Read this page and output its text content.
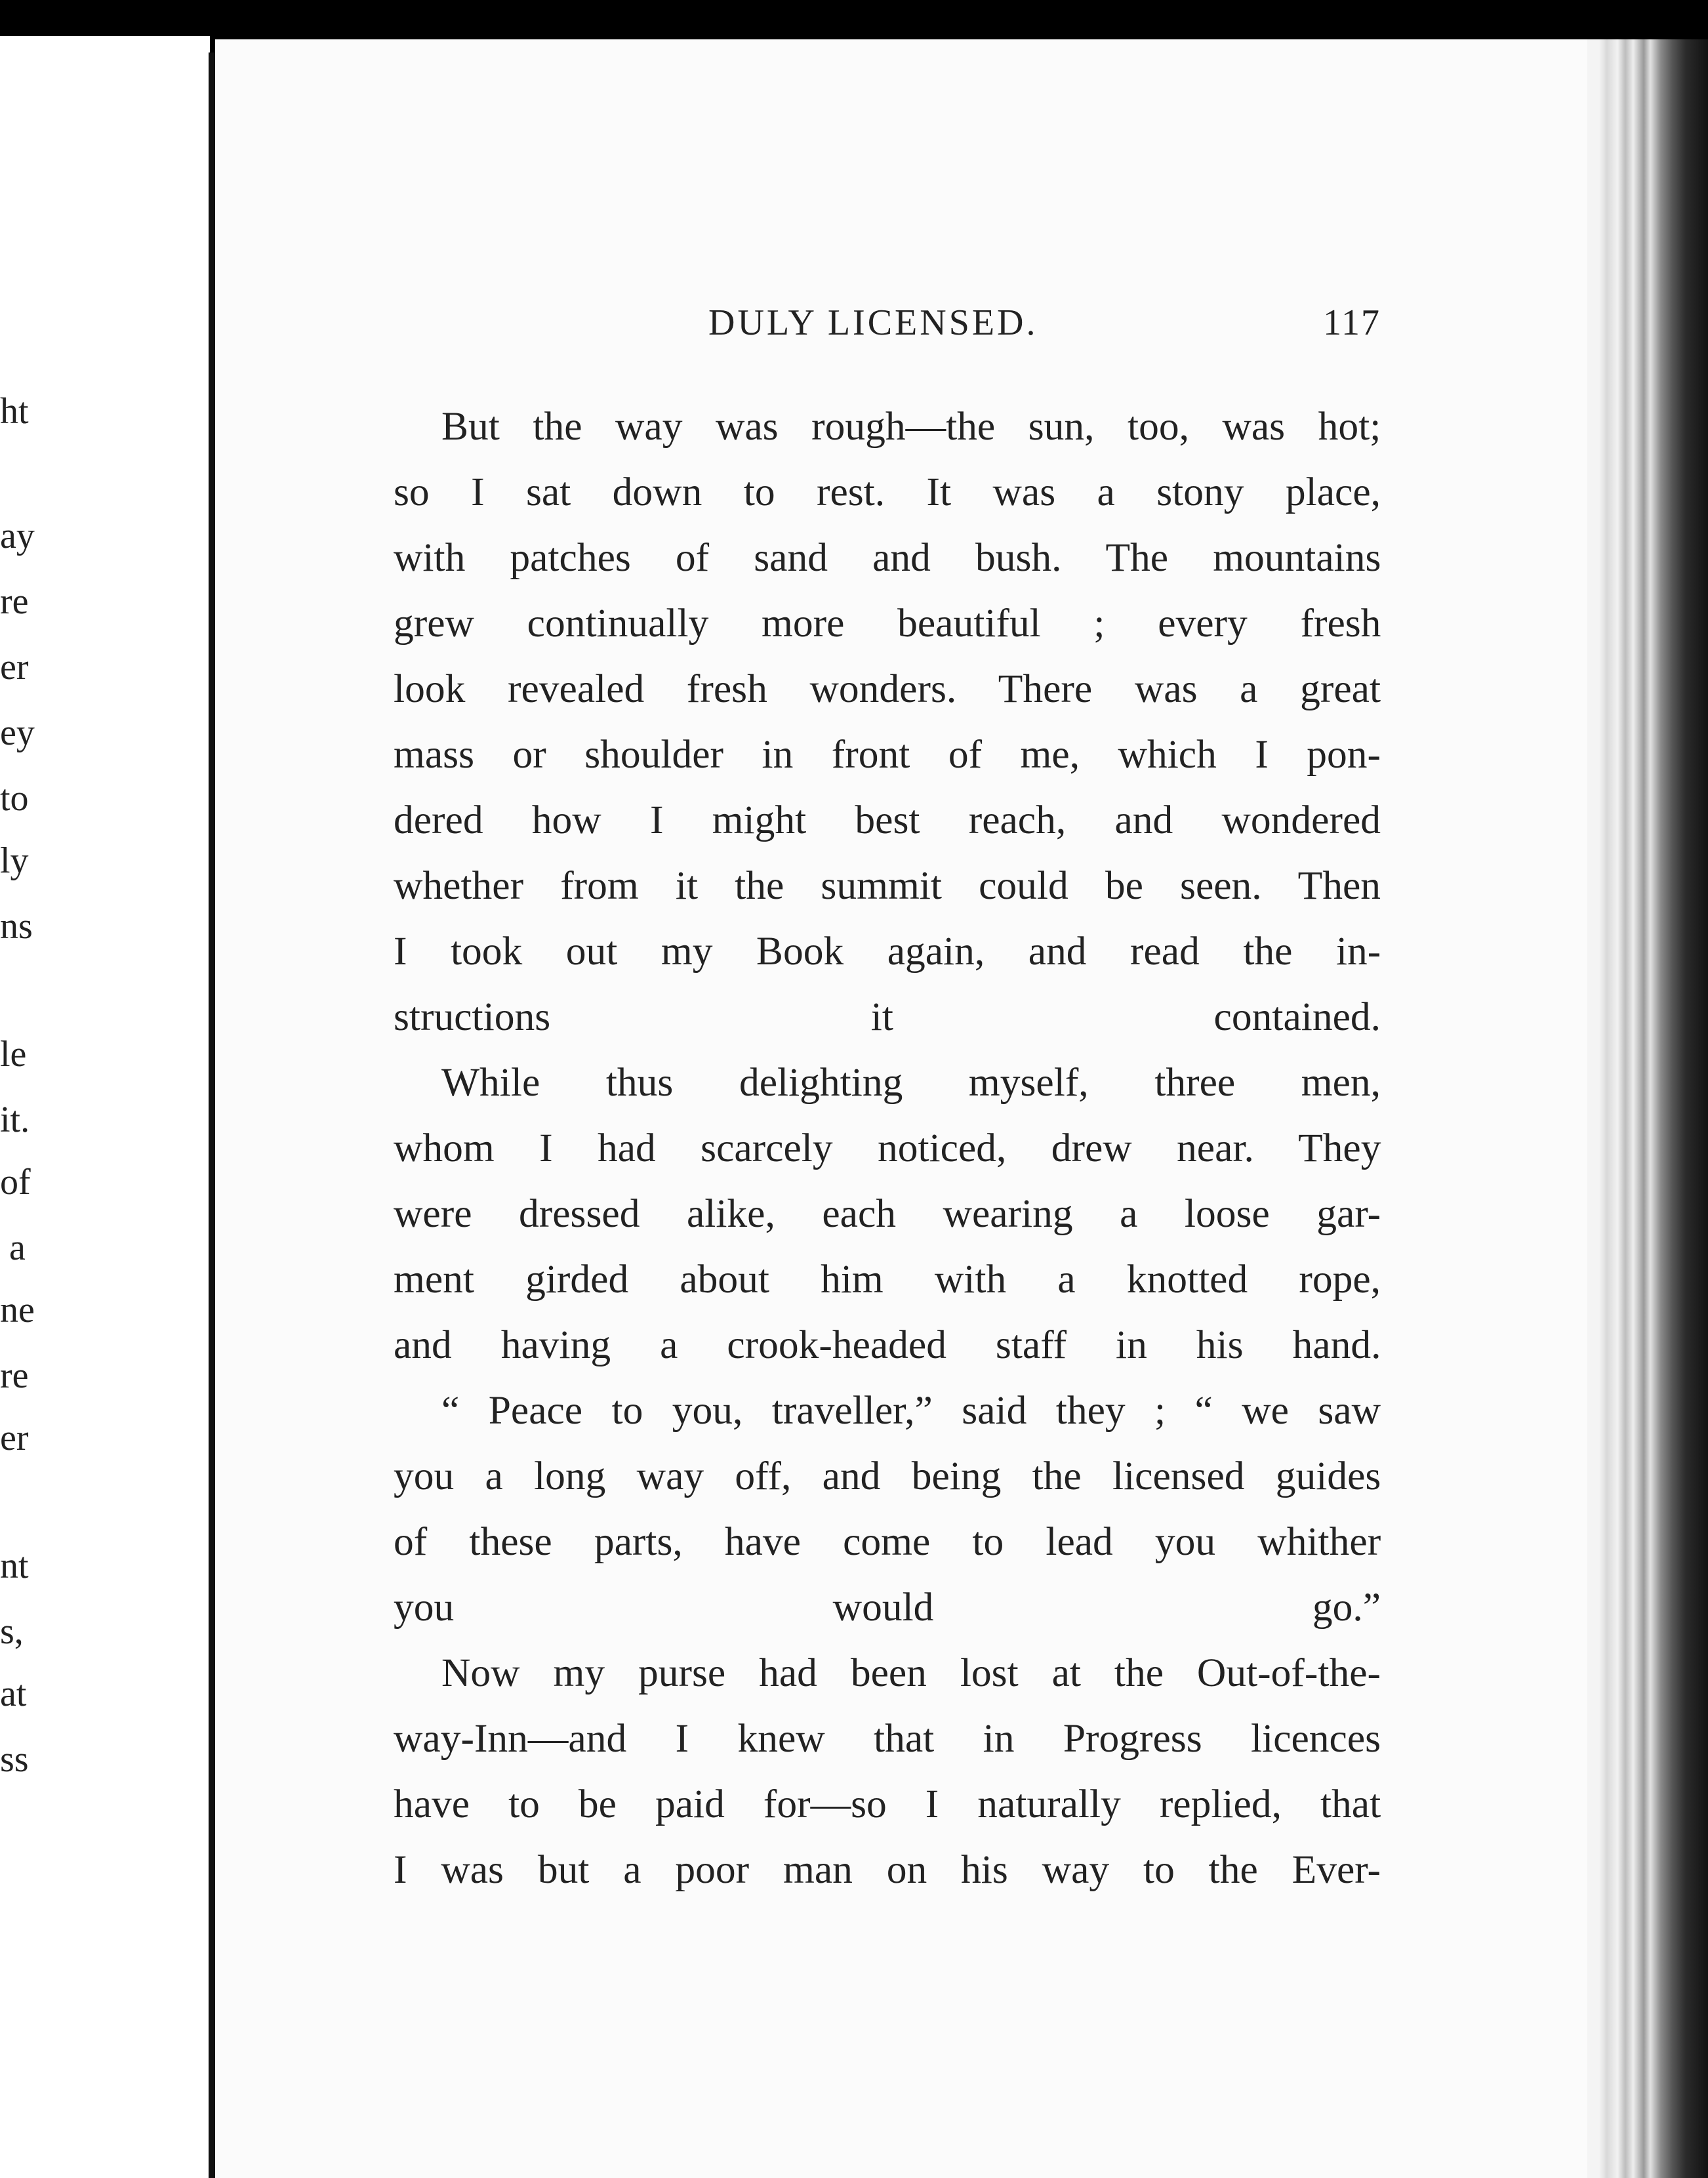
ht
ay
re
er
ey
to
ly
ns
le
it.
of
a
ne
re
er
nt
s,
at
ss
DULY LICENSED.	117

But the way was rough—the sun, too, was hot;
so I sat down to rest. It was a stony place,
with patches of sand and bush. The mountains
grew continually more beautiful ; every fresh
look revealed fresh wonders. There was a great
mass or shoulder in front of me, which I pon-
dered how I might best reach, and wondered
whether from it the summit could be seen. Then
I took out my Book again, and read the in-
structions it contained.

While thus delighting myself, three men,
whom I had scarcely noticed, drew near. They
were dressed alike, each wearing a loose gar-
ment girded about him with a knotted rope,
and having a crook-headed staff in his hand.

“ Peace to you, traveller,” said they ; “ we saw
you a long way off, and being the licensed guides
of these parts, have come to lead you whither
you would go.”

Now my purse had been lost at the Out-of-the-
way-Inn—and I knew that in Progress licences
have to be paid for—so I naturally replied, that
I was but a poor man on his way to the Ever-
